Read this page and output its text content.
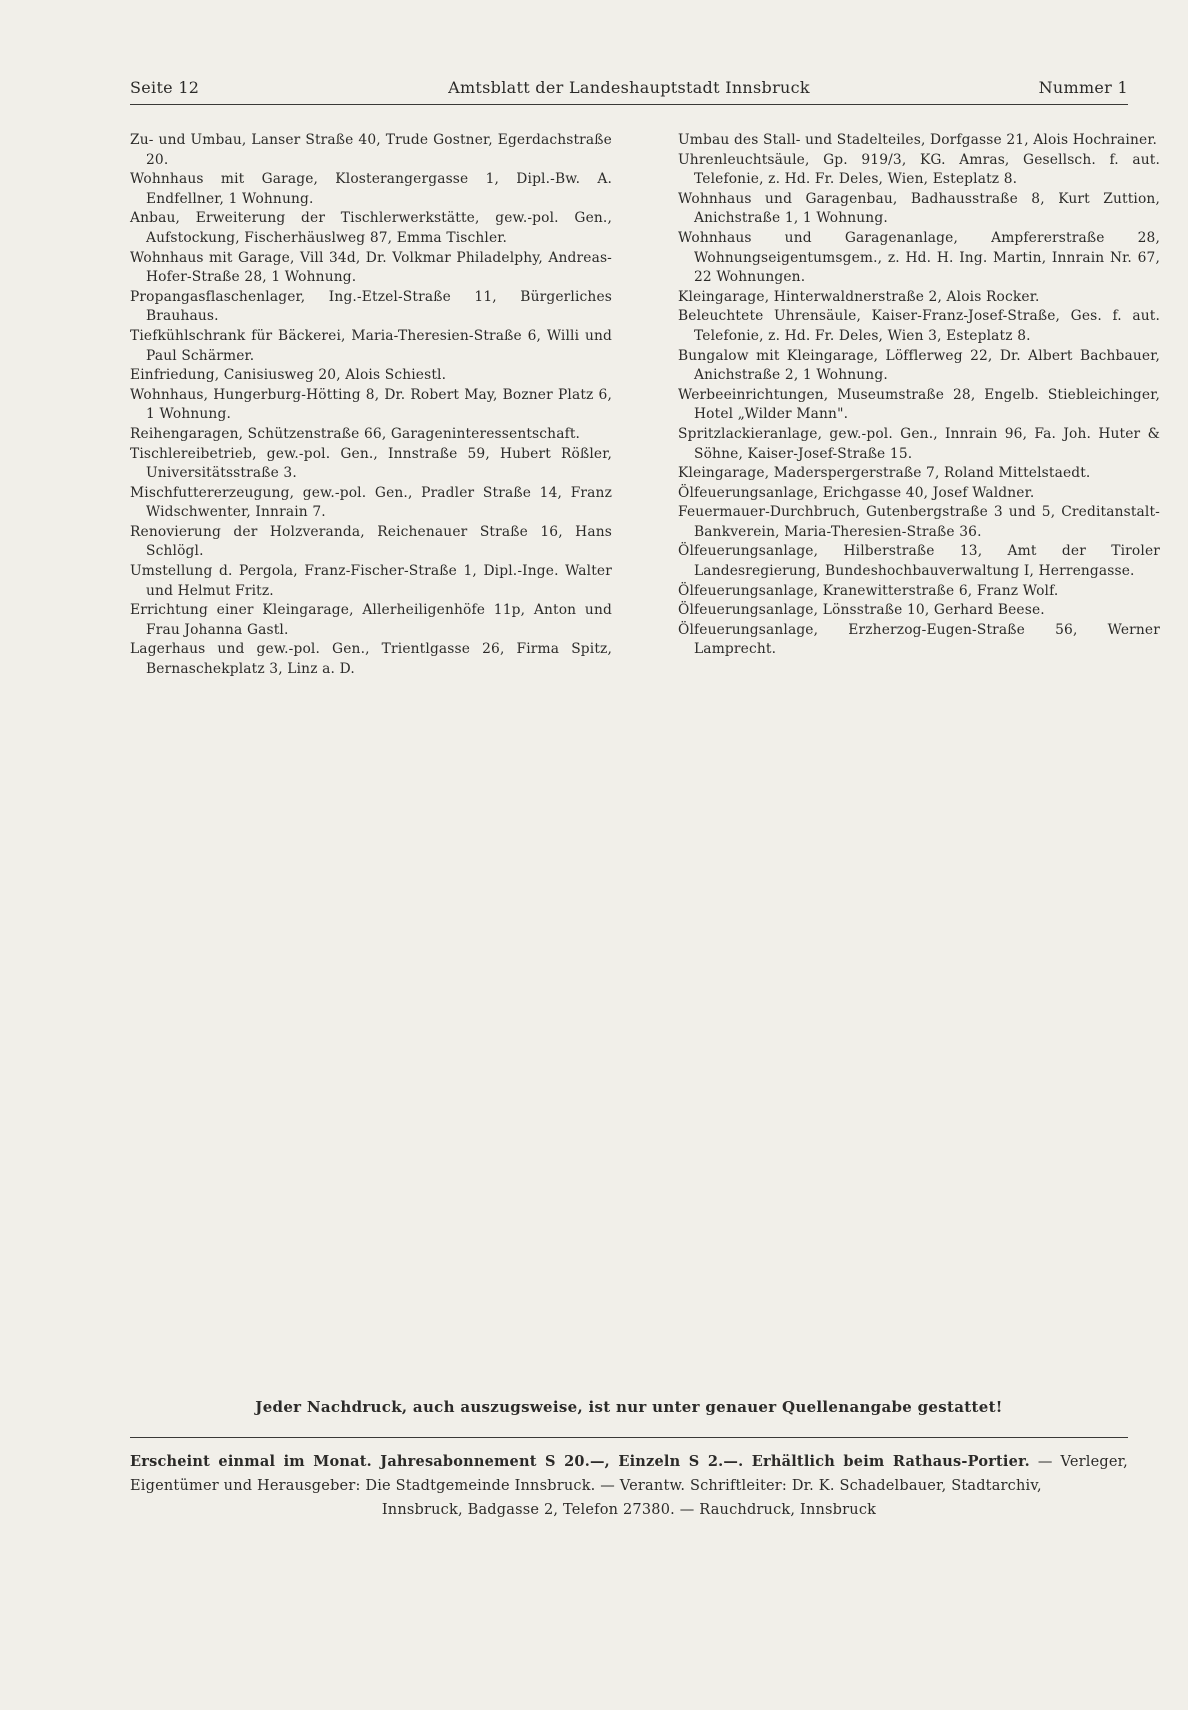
Amtsblatt der Landeshauptstadt Innsbruck
Seite 12	Nummer 1

Zu- und Umbau, Lanser Straße 40, Trude Gostner, Egerdachstraße 20.

Wohnhaus mit Garage, Klosterangergasse 1, Dipl.-Bw. A. Endfellner, 1 Wohnung.

Anbau, Erweiterung der Tischlerwerkstätte, gew.-pol. Gen., Aufstockung, Fischerhäuslweg 87, Emma Tischler.

Wohnhaus mit Garage, Vill 34d, Dr. Volkmar Philadelphy, Andreas-Hofer-Straße 28, 1 Wohnung.

Propangasflaschenlager, Ing.-Etzel-Straße 11, Bürgerliches Brauhaus.

Tiefkühlschrank für Bäckerei, Maria-Theresien-Straße 6, Willi und Paul Schärmer.

Einfriedung, Canisiusweg 20, Alois Schiestl.

Wohnhaus, Hungerburg-Hötting 8, Dr. Robert May, Bozner Platz 6, 1 Wohnung.

Reihengaragen, Schützenstraße 66, Garageninteressentschaft.

Tischlereibetrieb, gew.-pol. Gen., Innstraße 59, Hubert Rößler, Universitätsstraße 3.

Mischfuttererzeugung, gew.-pol. Gen., Pradler Straße 14, Franz Widschwenter, Innrain 7.

Renovierung der Holzveranda, Reichenauer Straße 16, Hans Schlögl.

Umstellung d. Pergola, Franz-Fischer-Straße 1, Dipl.-Inge. Walter und Helmut Fritz.

Errichtung einer Kleingarage, Allerheiligenhöfe 11p, Anton und Frau Johanna Gastl.

Lagerhaus und gew.-pol. Gen., Trientlgasse 26, Firma Spitz, Bernaschekplatz 3, Linz a. D.

Umbau des Stall- und Stadelteiles, Dorfgasse 21, Alois Hochrainer.

Uhrenleuchtsäule, Gp. 919/3, KG. Amras, Gesellsch. f. aut. Telefonie, z. Hd. Fr. Deles, Wien, Esteplatz 8.

Wohnhaus und Garagenbau, Badhausstraße 8, Kurt Zuttion, Anichstraße 1, 1 Wohnung.

Wohnhaus und Garagenanlage, Ampfererstraße 28, Wohnungseigentumsgem., z. Hd. H. Ing. Martin, Innrain Nr. 67, 22 Wohnungen.

Kleingarage, Hinterwaldnerstraße 2, Alois Rocker.

Beleuchtete Uhrensäule, Kaiser-Franz-Josef-Straße, Ges. f. aut. Telefonie, z. Hd. Fr. Deles, Wien 3, Esteplatz 8.

Bungalow mit Kleingarage, Löfflerweg 22, Dr. Albert Bachbauer, Anichstraße 2, 1 Wohnung.

Werbeeinrichtungen, Museumstraße 28, Engelb. Stiebleichinger, Hotel „Wilder Mann".

Spritzlackieranlage, gew.-pol. Gen., Innrain 96, Fa. Joh. Huter & Söhne, Kaiser-Josef-Straße 15.

Kleingarage, Maderspergerstraße 7, Roland Mittelstaedt.

Ölfeuerungsanlage, Erichgasse 40, Josef Waldner.

Feuermauer-Durchbruch, Gutenbergstraße 3 und 5, Creditanstalt-Bankverein, Maria-Theresien-Straße 36.

Ölfeuerungsanlage, Hilberstraße 13, Amt der Tiroler Landesregierung, Bundeshochbauverwaltung I, Herrengasse.

Ölfeuerungsanlage, Kranewitterstraße 6, Franz Wolf.

Ölfeuerungsanlage, Lönsstraße 10, Gerhard Beese.

Ölfeuerungsanlage, Erzherzog-Eugen-Straße 56, Werner Lamprecht.

Jeder Nachdruck, auch auszugsweise, ist nur unter genauer Quellenangabe gestattet!
Erscheint einmal im Monat. Jahresabonnement S 20.—, Einzeln S 2.—. Erhältlich beim Rathaus-Portier. — Verleger, Eigentümer und Herausgeber: Die Stadtgemeinde Innsbruck. — Verantw. Schriftleiter: Dr. K. Schadelbauer, Stadtarchiv,
Innsbruck, Badgasse 2, Telefon 27380. — Rauchdruck, Innsbruck
